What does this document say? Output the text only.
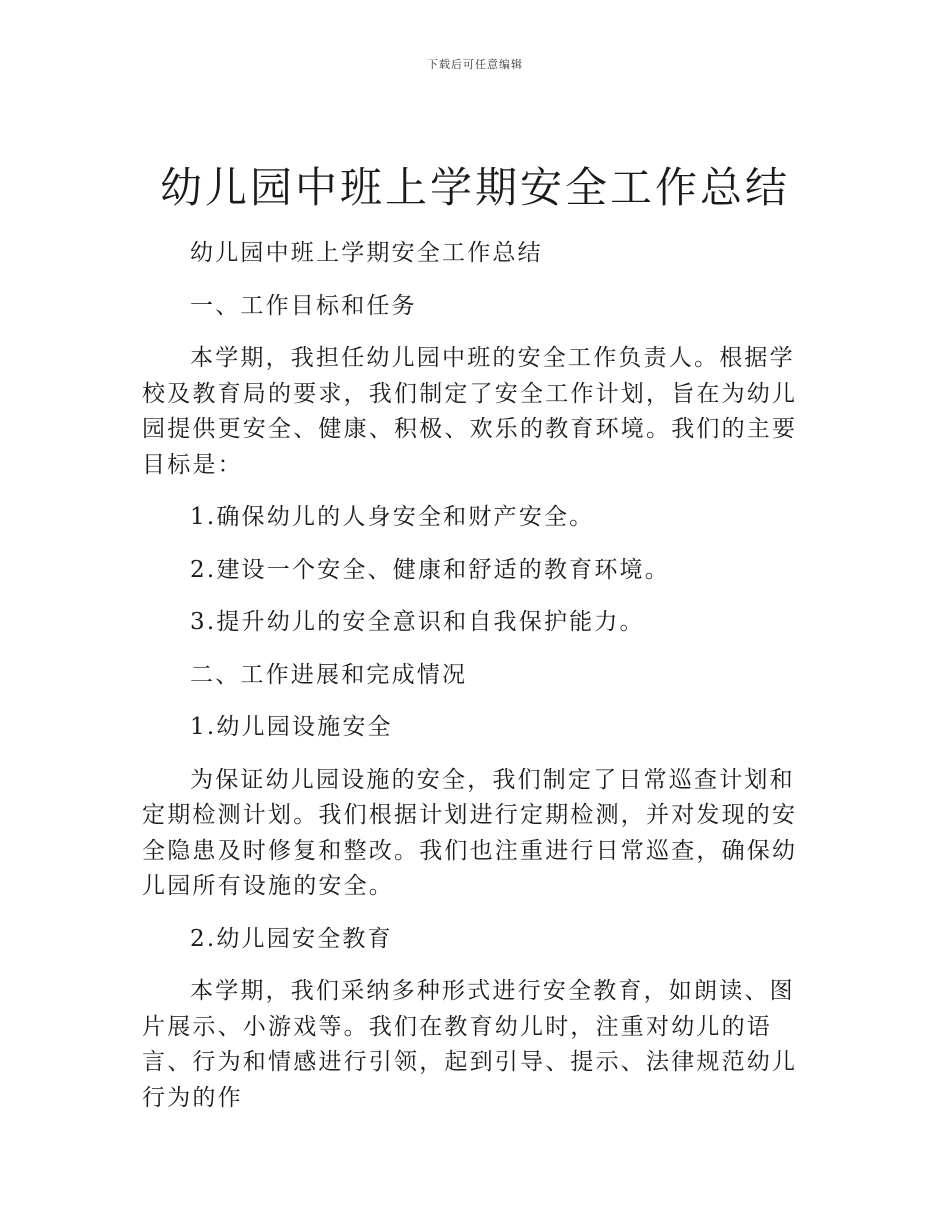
下载后可任意编辑
幼儿园中班上学期安全工作总结

幼儿园中班上学期安全工作总结

一、工作目标和任务

本学期，我担任幼儿园中班的安全工作负责人。根据学校及教育局的要求，我们制定了安全工作计划，旨在为幼儿园提供更安全、健康、积极、欢乐的教育环境。我们的主要目标是：

1.确保幼儿的人身安全和财产安全。

2.建设一个安全、健康和舒适的教育环境。

3.提升幼儿的安全意识和自我保护能力。

二、工作进展和完成情况

1.幼儿园设施安全

为保证幼儿园设施的安全，我们制定了日常巡查计划和定期检测计划。我们根据计划进行定期检测，并对发现的安全隐患及时修复和整改。我们也注重进行日常巡查，确保幼儿园所有设施的安全。

2.幼儿园安全教育

本学期，我们采纳多种形式进行安全教育，如朗读、图片展示、小游戏等。我们在教育幼儿时，注重对幼儿的语言、行为和情感进行引领，起到引导、提示、法律规范幼儿行为的作
